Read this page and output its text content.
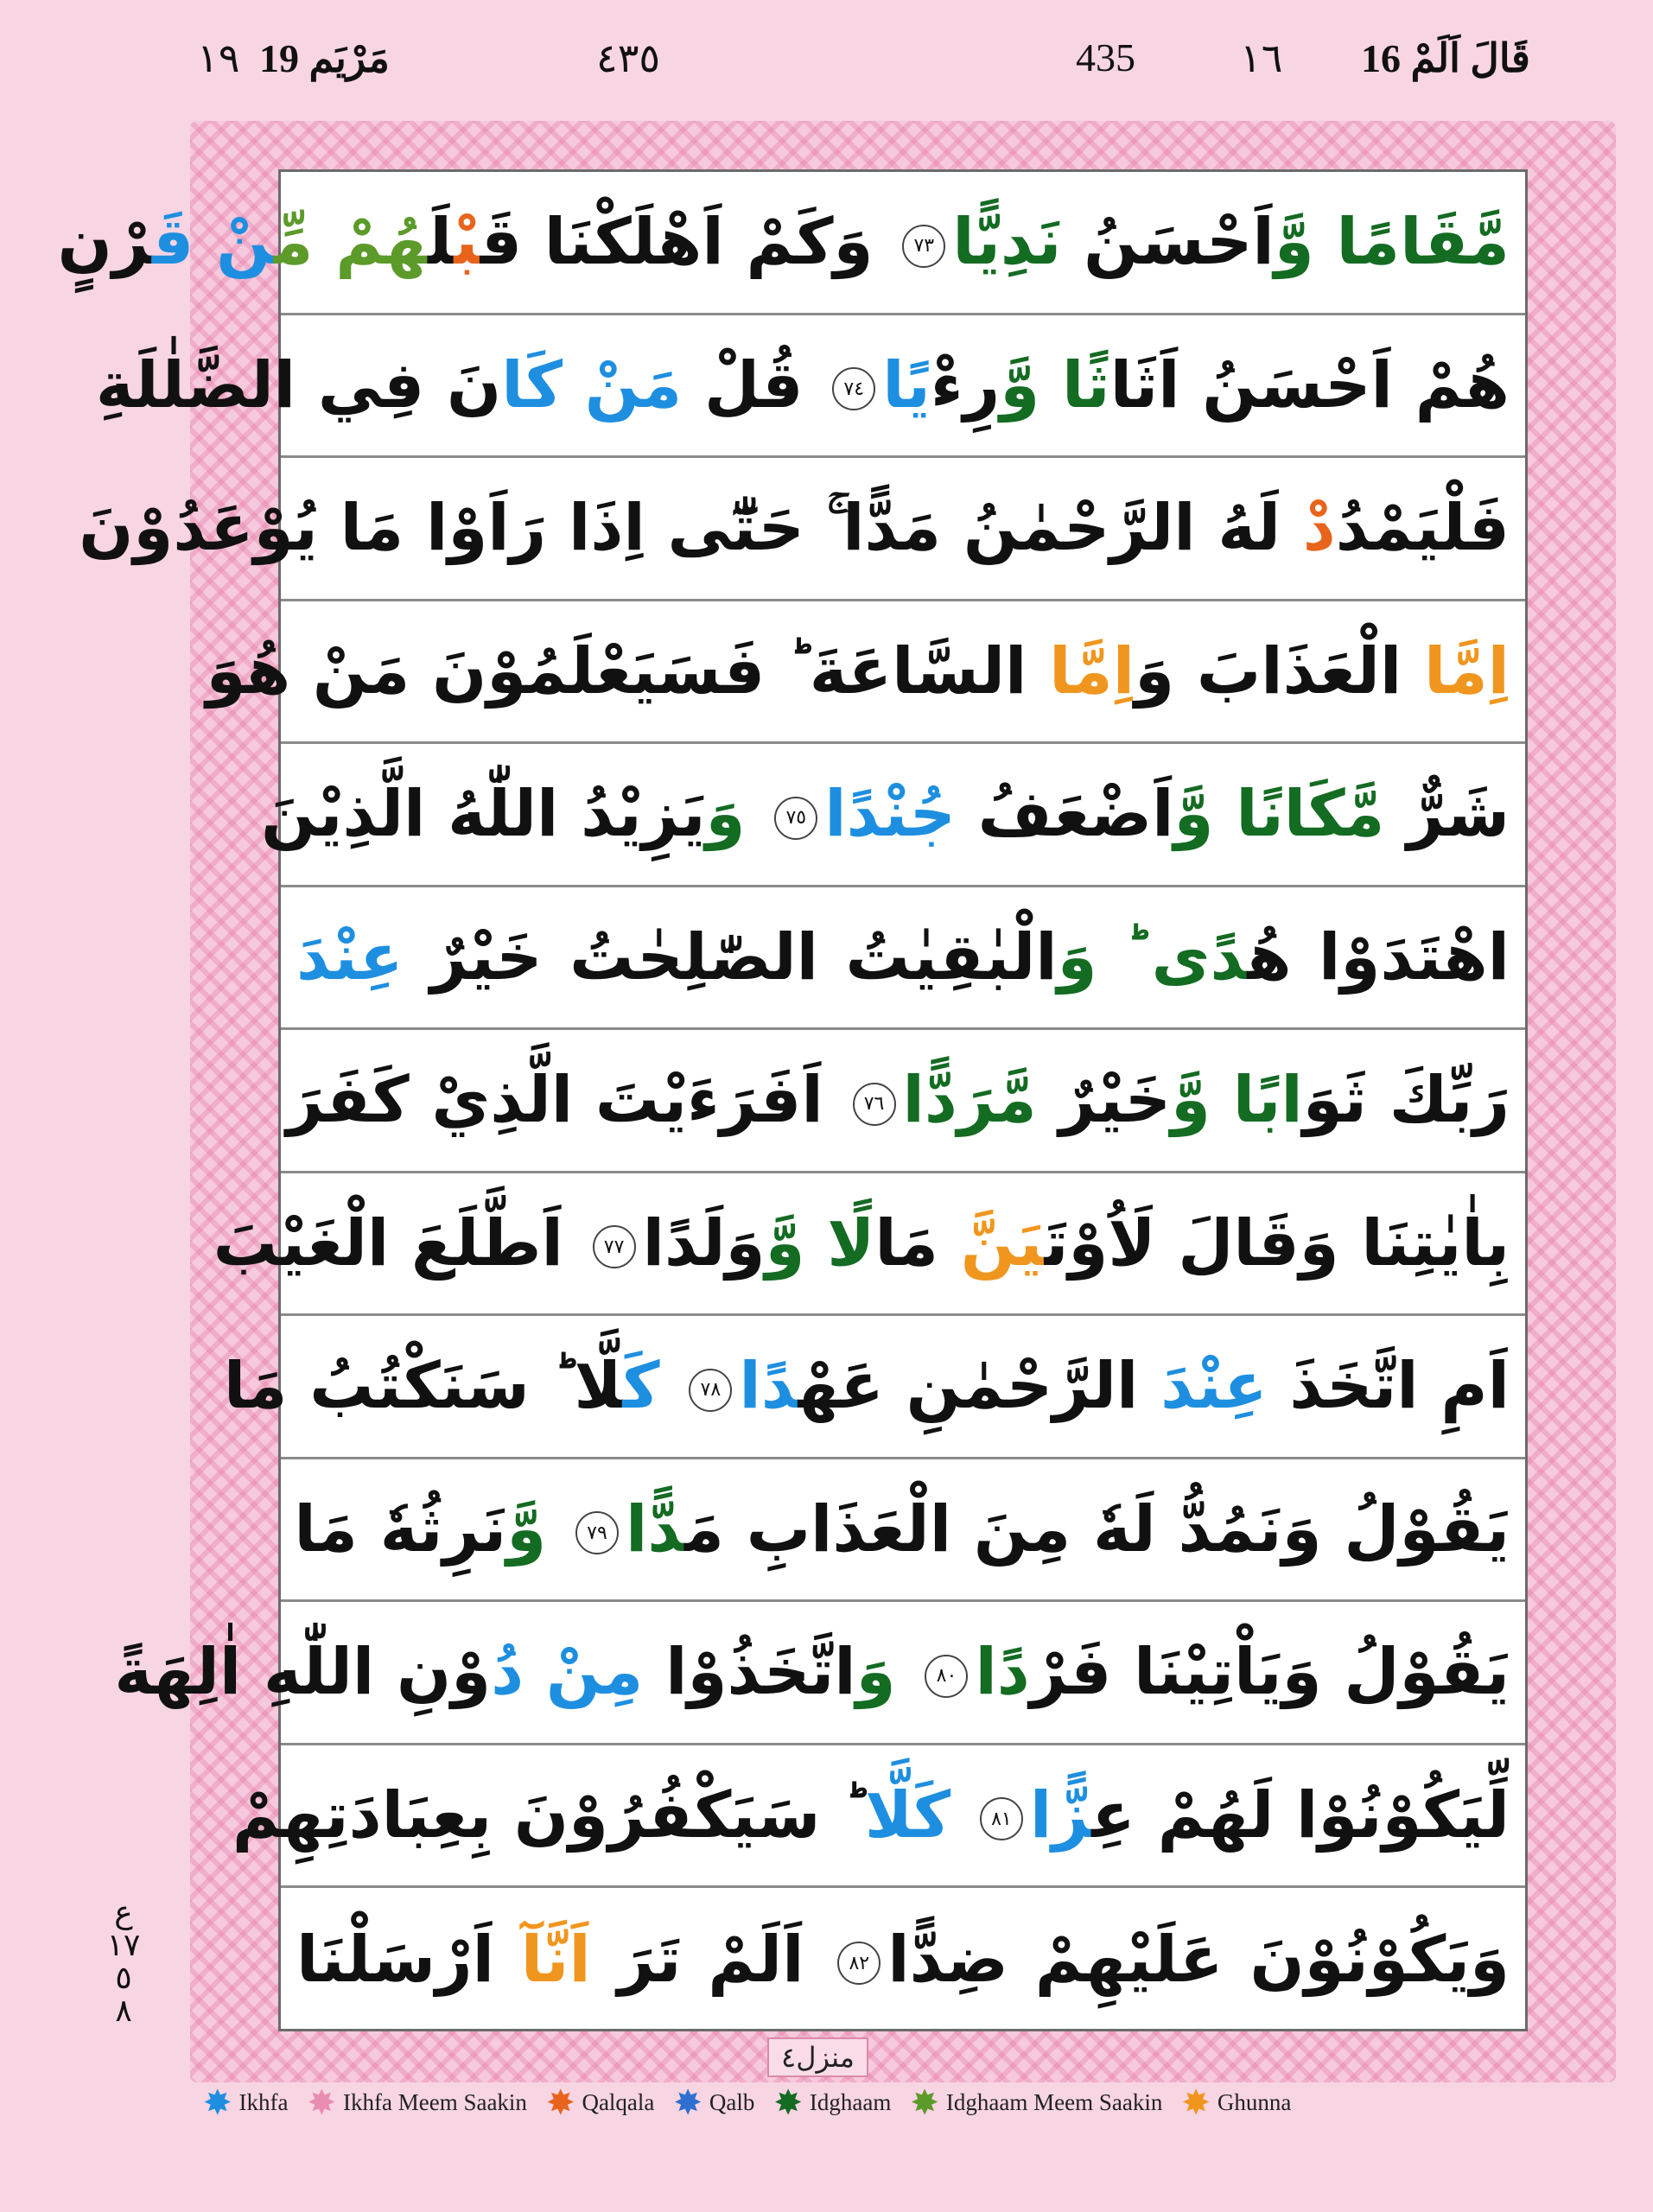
١٩ 19 مَرْيَم	٤٣٥	435	١٦ 16 قَالَ اَلَمْ
مَّقَامًا وَّاَحْسَنُ نَدِيًّا٧٣ وَكَمْ اَهْلَكْنَا قَبْلَهُمْ مِّنْ قَرْنٍ
هُمْ اَحْسَنُ اَثَاثًا وَّرِءْيًا٧٤ قُلْ مَنْ كَانَ فِي الضَّلٰلَةِ
فَلْيَمْدُدْ لَهُ الرَّحْمٰنُ مَدًّا ۚ حَتّٰٓى اِذَا رَاَوْا مَا يُوْعَدُوْنَ
اِمَّا الْعَذَابَ وَاِمَّا السَّاعَةَ ؕ فَسَيَعْلَمُوْنَ مَنْ هُوَ
شَرٌّ مَّكَانًا وَّاَضْعَفُ جُنْدًا٧٥ وَيَزِيْدُ اللّٰهُ الَّذِيْنَ
اهْتَدَوْا هُدًى ؕ وَالْبٰقِيٰتُ الصّٰلِحٰتُ خَيْرٌ عِنْدَ
رَبِّكَ ثَوَابًا وَّخَيْرٌ مَّرَدًّا٧٦ اَفَرَءَيْتَ الَّذِيْ كَفَرَ
بِاٰيٰتِنَا وَقَالَ لَاُوْتَيَنَّ مَالًا وَّوَلَدًا٧٧ اَطَّلَعَ الْغَيْبَ
اَمِ اتَّخَذَ عِنْدَ الرَّحْمٰنِ عَهْدًا٧٨ كَلَّا ؕ سَنَكْتُبُ مَا
يَقُوْلُ وَنَمُدُّ لَهٗ مِنَ الْعَذَابِ مَدًّا٧٩ وَّنَرِثُهٗ مَا
يَقُوْلُ وَيَاْتِيْنَا فَرْدًا٨٠ وَاتَّخَذُوْا مِنْ دُوْنِ اللّٰهِ اٰلِهَةً
لِّيَكُوْنُوْا لَهُمْ عِزًّا٨١ كَلَّا ؕ سَيَكْفُرُوْنَ بِعِبَادَتِهِمْ
وَيَكُوْنُوْنَ عَلَيْهِمْ ضِدًّا٨٢ اَلَمْ تَرَ اَنَّآ اَرْسَلْنَا
ع
١٧
٥
٨
منزل٤
✸ Ikhfa ✸ Ikhfa Meem Saakin ✸ Qalqala ✸ Qalb ✸ Idghaam ✸ Idghaam Meem Saakin ✸ Ghunna
